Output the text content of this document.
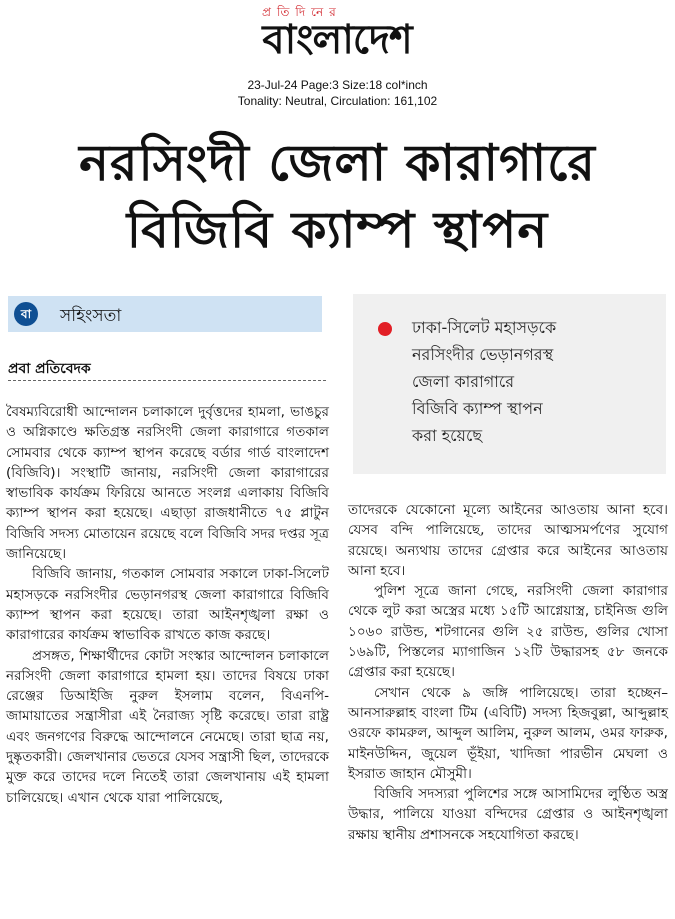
প্রতিদিনের
বাংলাদেশ
23-Jul-24 Page:3 Size:18 col*inch
Tonality: Neutral, Circulation: 161,102
নরসিংদী জেলা কারাগারে
বিজিবি ক্যাম্প স্থাপন
বা	সহিংসতা
প্রবা প্রতিবেদক
ঢাকা-সিলেট মহাসড়কে
নরসিংদীর ভেড়ানগরস্থ
জেলা কারাগারে
বিজিবি ক্যাম্প স্থাপন
করা হয়েছে

বৈষম্যবিরোধী আন্দোলন চলাকালে দুর্বৃত্তদের হামলা, ভাঙচুর ও অগ্নিকাণ্ডে ক্ষতিগ্রস্ত নরসিংদী জেলা কারাগারে গতকাল সোমবার থেকে ক্যাম্প স্থাপন করেছে বর্ডার গার্ড বাংলাদেশ (বিজিবি)। সংস্থাটি জানায়, নরসিংদী জেলা কারাগারের স্বাভাবিক কার্যক্রম ফিরিয়ে আনতে সংলগ্ন এলাকায় বিজিবি ক্যাম্প স্থাপন করা হয়েছে। এছাড়া রাজধানীতে ৭৫ প্লাটুন বিজিবি সদস্য মোতায়েন রয়েছে বলে বিজিবি সদর দপ্তর সূত্র জানিয়েছে।

বিজিবি জানায়, গতকাল সোমবার সকালে ঢাকা-সিলেট মহাসড়কে নরসিংদীর ভেড়ানগরস্থ জেলা কারাগারে বিজিবি ক্যাম্প স্থাপন করা হয়েছে। তারা আইনশৃঙ্খলা রক্ষা ও কারাগারের কার্যক্রম স্বাভাবিক রাখতে কাজ করছে।

প্রসঙ্গত, শিক্ষার্থীদের কোটা সংস্কার আন্দোলন চলাকালে নরসিংদী জেলা কারাগারে হামলা হয়। তাদের বিষয়ে ঢাকা রেঞ্জের ডিআইজি নুরুল ইসলাম বলেন, বিএনপি-জামায়াতের সন্ত্রাসীরা এই নৈরাজ্য সৃষ্টি করেছে। তারা রাষ্ট্র এবং জনগণের বিরুদ্ধে আন্দোলনে নেমেছে। তারা ছাত্র নয়, দুষ্কৃতকারী। জেলখানার ভেতরে যেসব সন্ত্রাসী ছিল, তাদেরকে মুক্ত করে তাদের দলে নিতেই তারা জেলখানায় এই হামলা চালিয়েছে। এখান থেকে যারা পালিয়েছে,

তাদেরকে যেকোনো মূল্যে আইনের আওতায় আনা হবে। যেসব বন্দি পালিয়েছে, তাদের আত্মসমর্পণের সুযোগ রয়েছে। অন্যথায় তাদের গ্রেপ্তার করে আইনের আওতায় আনা হবে।

পুলিশ সূত্রে জানা গেছে, নরসিংদী জেলা কারাগার থেকে লুট করা অস্ত্রের মধ্যে ১৫টি আগ্নেয়াস্ত্র, চাইনিজ গুলি ১০৬০ রাউন্ড, শটগানের গুলি ২৫ রাউন্ড, গুলির খোসা ১৬৯টি, পিস্তলের ম্যাগাজিন ১২টি উদ্ধারসহ ৫৮ জনকে গ্রেপ্তার করা হয়েছে।

সেখান থেকে ৯ জঙ্গি পালিয়েছে। তারা হচ্ছেন– আনসারুল্লাহ বাংলা টিম (এবিটি) সদস্য হিজবুল্লা, আব্দুল্লাহ ওরফে কামরুল, আব্দুল আলিম, নুরুল আলম, ওমর ফারুক, মাইনউদ্দিন, জুয়েল ভূঁইয়া, খাদিজা পারভীন মেঘলা ও ইসরাত জাহান মৌসুমী।

বিজিবি সদস্যরা পুলিশের সঙ্গে আসামিদের লুণ্ঠিত অস্ত্র উদ্ধার, পালিয়ে যাওয়া বন্দিদের গ্রেপ্তার ও আইনশৃঙ্খলা রক্ষায় স্থানীয় প্রশাসনকে সহযোগিতা করছে।
